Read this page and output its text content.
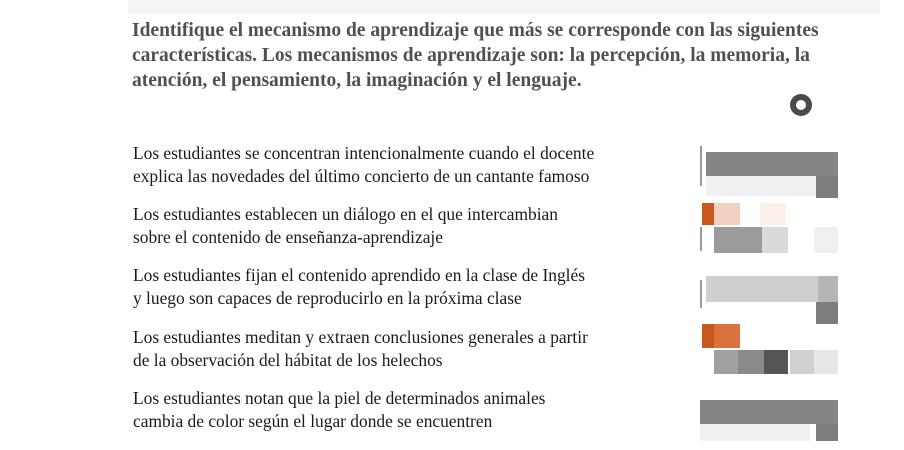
Identifique el mecanismo de aprendizaje que más se corresponde con las siguientes características. Los mecanismos de aprendizaje son: la percepción, la memoria, la atención, el pensamiento, la imaginación y el lenguaje.
Los estudiantes se concentran intencionalmente cuando el docente
explica las novedades del último concierto de un cantante famoso
Los estudiantes establecen un diálogo en el que intercambian
sobre el contenido de enseñanza-aprendizaje
Los estudiantes fijan el contenido aprendido en la clase de Inglés
y luego son capaces de reproducirlo en la próxima clase
Los estudiantes meditan y extraen conclusiones generales a partir
de la observación del hábitat de los helechos
Los estudiantes notan que la piel de determinados animales
cambia de color según el lugar donde se encuentren
